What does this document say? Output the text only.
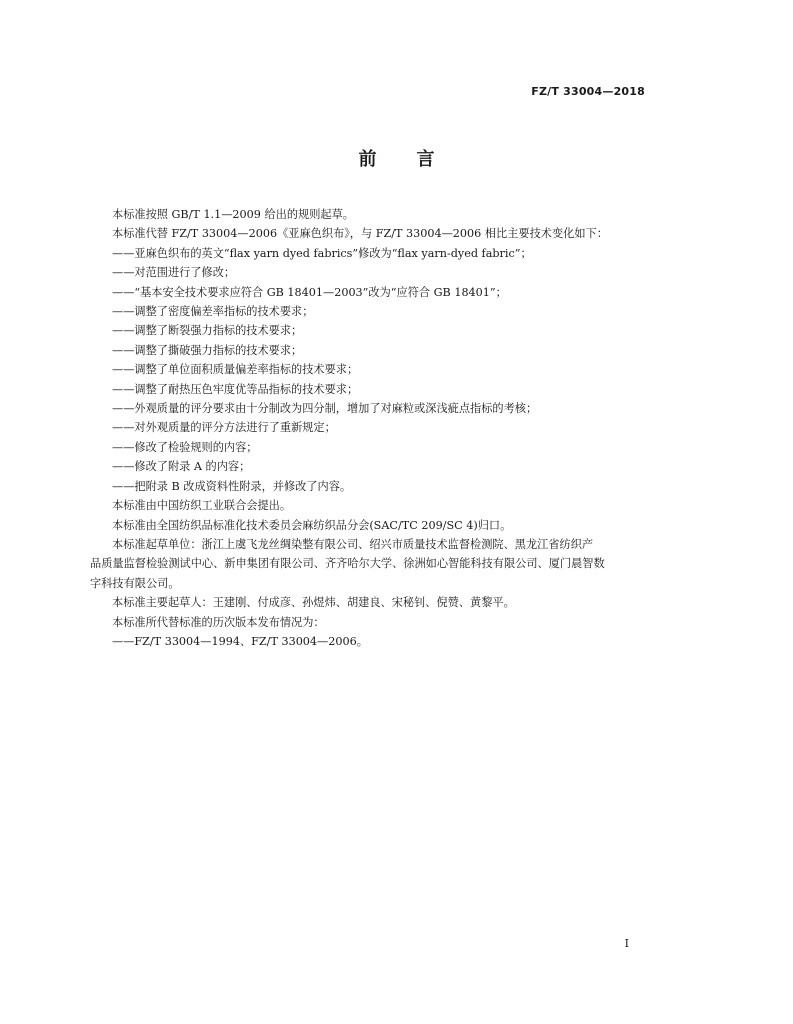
FZ/T 33004—2018
前言

本标准按照 GB/T 1.1—2009 给出的规则起草。

本标准代替 FZ/T 33004—2006《亚麻色织布》，与 FZ/T 33004—2006 相比主要技术变化如下：

——亚麻色织布的英文“flax yarn dyed fabrics”修改为“flax yarn-dyed fabric”；

——对范围进行了修改；

——“基本安全技术要求应符合 GB 18401—2003”改为“应符合 GB 18401”；

——调整了密度偏差率指标的技术要求；

——调整了断裂强力指标的技术要求；

——调整了撕破强力指标的技术要求；

——调整了单位面积质量偏差率指标的技术要求；

——调整了耐热压色牢度优等品指标的技术要求；

——外观质量的评分要求由十分制改为四分制，增加了对麻粒或深浅疵点指标的考核；

——对外观质量的评分方法进行了重新规定；

——修改了检验规则的内容；

——修改了附录 A 的内容；

——把附录 B 改成资料性附录，并修改了内容。

本标准由中国纺织工业联合会提出。

本标准由全国纺织品标准化技术委员会麻纺织品分会(SAC/TC 209/SC 4)归口。

本标准起草单位：浙江上虞飞龙丝绸染整有限公司、绍兴市质量技术监督检测院、黑龙江省纺织产

品质量监督检验测试中心、新申集团有限公司、齐齐哈尔大学、徐洲如心智能科技有限公司、厦门晨智数

字科技有限公司。

本标准主要起草人：王建刚、付成彦、孙煜炜、胡建良、宋秘钊、倪赞、黄黎平。

本标准所代替标准的历次版本发布情况为：

——FZ/T 33004—1994、FZ/T 33004—2006。

I
